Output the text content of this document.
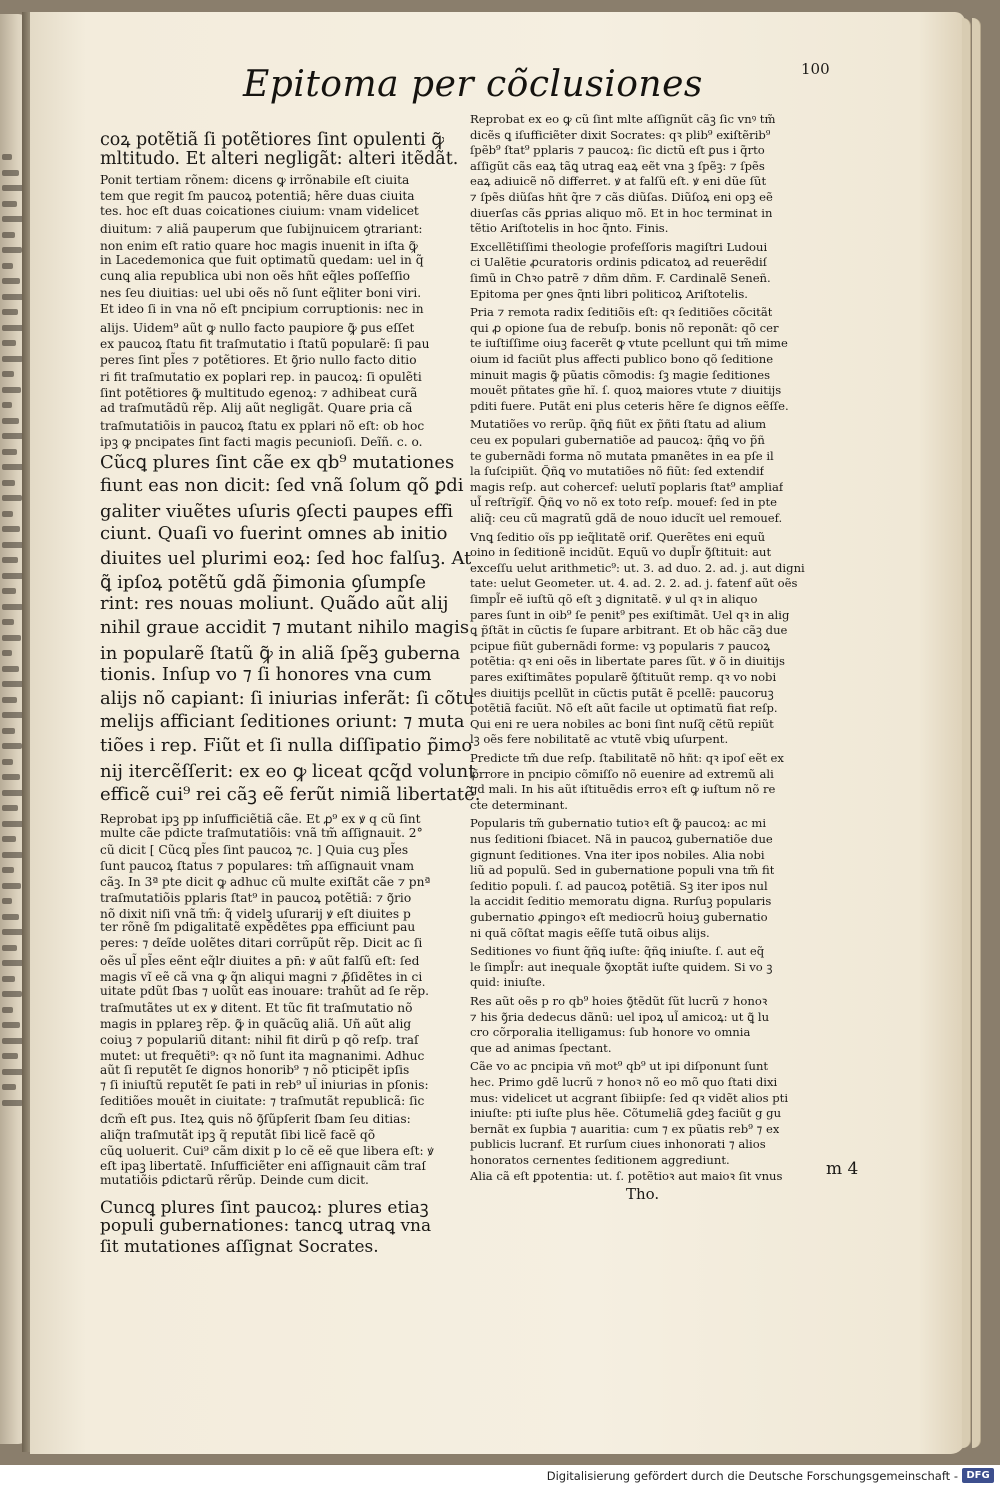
100
Epitoma per cõclusiones
coꝝ potẽtiã ſi potẽtiores ſint opulenti ꝙ̃
mltitudo. Et alteri negligãt: alteri itẽdãt.
Ponit tertiam rõnem: dicens ꝙ irrõnabile eſt ciuita
tem que regit ſm paucoꝝ potentiã; hẽre duas ciuita
tes. hoc eſt duas coicationes ciuium: vnam videlicet
diuitum: ⁊ aliã pauperum que ſubijnuicem ꝯtrariant:
non enim eſt ratio quare hoc magis inuenit in iſta ꝙ̃
in Lacedemonica que fuit optimatũ quedam: uel in q̃
cunꝗ alia republica ubi non oẽs hñt eq̃les poſſeſſio
nes ſeu diuitias: uel ubi oẽs nõ ſunt eq̃liter boni viri.
Et ideo ſi in vna nõ eſt pncipium corruptionis: nec in
alijs. Uidem⁹ aũt ꝙ nullo facto paupiore ꝙ̃ ꝑus eſſet
ex paucoꝝ ſtatu fit traſmutatio i ſtatũ popularẽ: ſi pau
peres ſint pl̃es ⁊ potẽtiores. Et ꝯ̃rio nullo facto ditio
ri fit traſmutatio ex poplari rep. in paucoꝝ: ſi opulẽti
ſint potẽtiores ꝙ̃ multitudo egenoꝝ: ⁊ adhibeat curã
ad traſmutãdũ rẽp. Alij aũt negligãt. Quare ꝑria cã
traſmutatiõis in paucoꝝ ſtatu ex pplari nõ eſt: ob hoc
ipꝫ ꝙ pncipates ſint facti magis pecunioſi. Deĩñ. c. o.
Cũcꝗ plures ſint cãe ex qb⁹ mutationes
fiunt eas non dicit: ſed vnã ſolum qõ ꝑdi
galiter viuẽtes uſuris ꝯſecti paupes effi
ciunt. Quaſi vo fuerint omnes ab initio
diuites uel plurimi eoꝝ: ſed hoc falſuꝫ. At
ꝗ̃ ipſoꝝ potẽtũ gdã p̃imonia ꝯſumpſe
rint: res nouas moliunt. Quãdo aũt alij
nihil graue accidit ⁊ mutant nihilo magis
in popularẽ ſtatũ ꝙ̃ in aliã ſpẽꝫ guberna
tionis. Inſup vo ⁊ ſi honores vna cum
alijs nõ capiant: ſi iniurias inferãt: ſi cõtu
melijs afficiant ſeditiones oriunt: ⁊ muta
tiões i rep. Fiũt et ſi nulla diſſipatio p̃imo
nij itercẽſſerit: ex eo ꝙ liceat qcq̃d volunt
efficẽ cui⁹ rei cãꝫ eẽ ferũt nimiã libertatẽ.
Reprobat ipꝫ pp inſufficiẽtiã cãe. Et ꝓ⁹ ex ꝟ q cũ ſint
multe cãe pdicte traſmutatiõis: vnã tm̃ aſſignauit. 2°
cũ dicit [ Cũcꝗ pl̃es ſint paucoꝝ ⁊c. ] Quia cuꝫ pl̃es
ſunt paucoꝝ ſtatus ⁊ populares: tm̃ aſſignauit vnam
cãꝫ. In 3ª pte dicit ꝙ adhuc cũ multe exiſtãt cãe ⁊ pnª
traſmutatiõis pplaris ſtat⁹ in paucoꝝ potẽtiã: ⁊ ꝯ̃rio
nõ dixit niſi vnã tm̃: q̃ videlꝫ uſurarij ꝟ eſt diuites p
ter rõnẽ ſm pdigalitatẽ expẽdẽtes ꝑpa efficiunt pau
peres: ⁊ deĩde uolẽtes ditari corrũpũt rẽp. Dicit ac ſi
oẽs ul̃ pl̃es eẽnt eq̃lr diuites a pn̄: ꝟ aũt falſũ eſt: ſed
magis vĩ eẽ cã vna ꝙ q̃n aliqui magni ⁊ ꝓ̃ſidẽtes in ci
uitate pdũt ſbas ⁊ uolũt eas inouare: trahũt ad ſe rẽp.
traſmutãtes ut ex ꝟ ditent. Et tũc fit traſmutatio nõ
magis in pplareꝫ rẽp. ꝙ̃ in quãcũꝗ aliã. Uñ aũt alig
coiuꝫ ⁊ populariũ ditant: nihil fit dirũ p qõ reſp. traſ
mutet: ut frequẽti⁹: qꝛ nõ ſunt ita magnanimi. Adhuc
aũt ſi reputẽt ſe dignos honorib⁹ ⁊ nõ pticipẽt ipſis
⁊ ſi iniuſtũ reputẽt ſe pati in reb⁹ ul̃ iniurias in pſonis:
ſeditiões mouẽt in ciuitate: ⁊ traſmutãt republicã: ſic
dcm̃ eſt ꝑus. Iteꝝ ꝗuis nõ ꝯ̃ſũpſerit ſbam ſeu ditias:
aliq̃n traſmutãt ipꝫ q̃ reputãt ſibi licẽ facẽ qõ
cũꝗ uoluerit. Cui⁹ cãm dixit p lo cẽ eẽ que libera eſt: ꝟ
eſt ipaꝫ libertatẽ. Inſufficiẽter eni aſſignauit cãm traſ
mutatiõis ꝑdictarũ rẽrũp. Deinde cum dicit.
Cuncꝗ plures ſint paucoꝝ: plures etiaꝫ
populi gubernationes: tancꝗ utraꝗ vna
ſit mutationes aſſignat Socrates.
Reprobat ex eo ꝙ cũ ſint mlte aſſignũt cãꝫ ſic vnꝰ tm̃
dicẽs ꝗ iſufficiẽter dixit Socrates: qꝛ plib⁹ exiſtẽrib⁹
ſpẽb⁹ ſtat⁹ pplaris ⁊ paucoꝝ: ſic dictũ eſt ꝑus i q̃rto
aſſigũt cãs eaꝝ tãꝗ utraꝗ eaꝝ eẽt vna ꝫ ſpẽꝫ: ⁊ ſpẽs
eaꝝ adiuicẽ nõ differret. ꝟ at falſũ eſt. ꝟ eni dũe ſũt
⁊ ſpẽs diũſas hñt q̃re ⁊ cãs diũſas. Diũſoꝝ eni opꝫ eẽ
diuerſas cãs ꝑprias aliquo mõ. Et in hoc terminat in
tẽtio Ariſtotelis in hoc q̃nto. Finis.
Excellẽtiſſimi theologie profeſſoris magiſtri Ludoui
ci Ualẽtie ꝓcuratoris ordinis pdicatoꝝ ad reuerẽdiſ
ſimũ in Chꝛo patrẽ ⁊ dñm dñm. F. Cardinalẽ Seneñ.
Epitoma per ꝯnes q̃nti libri politicoꝝ Ariſtotelis.
Pria ⁊ remota radix ſeditiõis eſt: qꝛ ſeditiões cõcitãt
qui ꝓ opione ſua de rebuſp. bonis nõ reponãt: qõ cer
te iuſtiſſime oiuꝫ facerẽt ꝙ vtute pcellunt qui tm̃ mime
oium id faciũt plus affecti publico bono qõ ſeditione
minuit magis ꝙ̃ pũatis cõmodis: ſꝫ magie ſeditiones
mouẽt pñtates gñe hĩ. ſ. quoꝝ maiores vtute ⁊ diuitijs
pditi fuere. Putãt eni plus ceteris hẽre ſe dignos eẽſſe.
Mutatiões vo rerũp. q̃ñꝗ fiũt ex p̃ñti ſtatu ad alium
ceu ex populari gubernatiõe ad paucoꝝ: q̃ñꝗ vo p̃ñ
te gubernãdi forma nõ mutata pmanẽtes in ea pſe il
la ſuſcipiũt. Q̃ñꝗ vo mutatiões nõ fiũt: ſed extendif
magis reſp. aut cohercef: uelutĩ poplaris ſtat⁹ ampliaf
ul̃ reſtrĩgĩf. Q̃ñꝗ vo nõ ex toto reſp. mouef: ſed in pte
aliq̃: ceu cũ magratũ gdã de nouo iducĩt uel remouef.
Vnꝗ ſeditio oĩs pp ieq̃litatẽ orif. Querẽtes eni equũ
oino in ſeditionẽ incidũt. Equũ vo dupl̃r ꝯ̃ſtituit: aut
exceſſu uelut arithmetic⁹: ut. 3. ad duo. 2. ad. j. aut digni
tate: uelut Geometer. ut. 4. ad. 2. 2. ad. j. fatenf aũt oẽs
ſimpl̃r eẽ iuſtũ qõ eſt ꝫ dignitatẽ. ꝟ ul qꝛ in aliquo
pares ſunt in oib⁹ ſe penit⁹ pes exiſtimãt. Uel qꝛ in alig
ꝗ p̃ſtãt in cũctis ſe ſupare arbitrant. Et ob hãc cãꝫ due
pcipue fiũt gubernãdi forme: vꝫ popularis ⁊ paucoꝝ
potẽtia: qꝛ eni oẽs in libertate pares ſũt. ꝟ õ in diuitijs
pares exiſtimãtes popularẽ ꝯ̃ſtituũt remp. qꝛ vo nobi
les diuitijs pcellũt in cũctis putãt ẽ pcellẽ: paucoruꝫ
potẽtiã faciũt. Nõ eſt aũt facile ut optimatũ fiat reſp.
Qui eni re uera nobiles ac boni ſint nuſq̃ cẽtũ repiũt
lꝫ oẽs fere nobilitatẽ ac vtutẽ vbiꝗ uſurpent.
Predicte tm̃ due reſp. ſtabilitatẽ nõ hñt: qꝛ ipoſ eẽt ex
ꝓ̃rrore in pncipio cõmiſſo nõ euenire ad extremũ ali
gd mali. In his aũt iſtituẽdis erroꝛ eſt ꝙ iuſtum nõ re
cte determinant.
Popularis tm̃ gubernatio tutioꝛ eſt ꝙ̃ paucoꝝ: ac mi
nus ſeditioni ſbiacet. Nã in paucoꝝ gubernatiõe due
gignunt ſeditiones. Vna iter ipos nobiles. Alia nobi
liũ ad populũ. Sed in gubernatione populi vna tm̃ fit
ſeditio populi. ſ. ad paucoꝝ potẽtiã. Sꝫ iter ipos nul
la accidit ſeditio memoratu digna. Rurſuꝫ popularis
gubernatio ꝓpingoꝛ eſt mediocrũ hoiuꝫ gubernatio
ni quã cõſtat magis eẽſſe tutã oibus alijs.
Seditiones vo fiunt q̃ñꝗ iuſte: q̃ñꝗ iniuſte. ſ. aut eq̃
le ſimpl̃r: aut inequale ꝯ̃xoptãt iuſte quidem. Si vo ꝫ
quid: iniuſte.
Res aũt oẽs p ro qb⁹ hoies ꝯ̃tẽdũt ſũt lucrũ ⁊ honoꝛ
⁊ his ꝯ̃ria dedecus dãnũ: uel ipoꝝ ul̃ amicoꝝ: ut ꝗ̃ lu
cro cõrporalia itelligamus: ſub honore vo omnia
que ad animas ſpectant.
Cãe vo ac pncipia vñ mot⁹ qb⁹ ut ipi diſponunt ſunt
hec. Primo gdẽ lucrũ ⁊ honoꝛ nõ eo mõ quo ſtati dixi
mus: videlicet ut acgrant ſibiipſe: ſed qꝛ vidẽt alios pti
iniuſte: pti iuſte plus hẽe. Cõtumeliã gdeꝫ faciũt g gu
bernãt ex ſupbia ⁊ auaritia: cum ⁊ ex pũatis reb⁹ ⁊ ex
publicis lucranf. Et rurſum ciues inhonorati ⁊ alios
honoratos cernentes ſeditionem aggrediunt.
Alia cã eſt ꝑpotentia: ut. ſ. potẽtioꝛ aut maioꝛ ſit vnus	m 4
Tho.
Digitalisierung gefördert durch die Deutsche Forschungsgemeinschaft - DFG
